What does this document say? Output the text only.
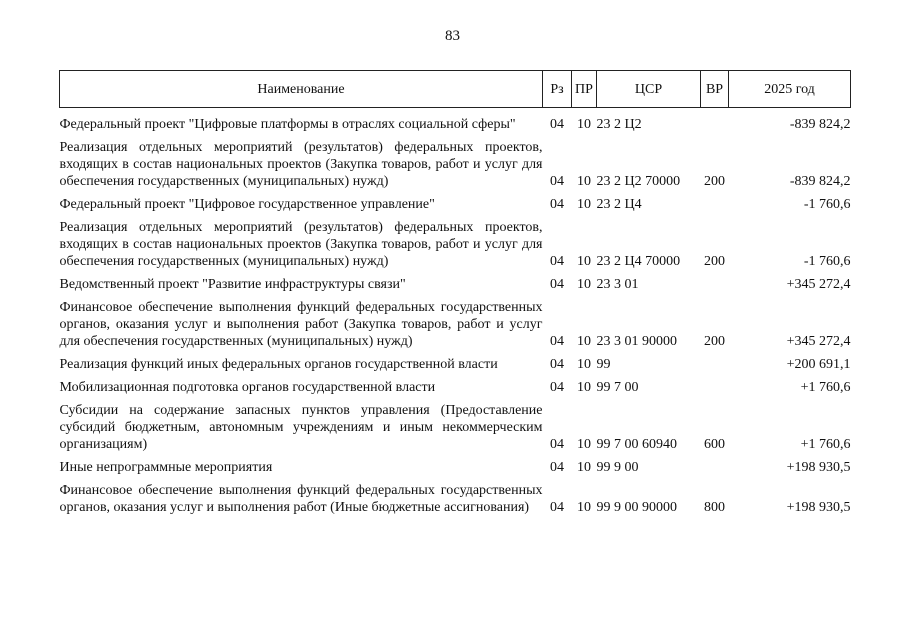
83
Наименование	Рз	ПР	ЦСР	ВР	2025 год

Федеральный проект "Цифровые платформы в отраслях социальной сферы"	04	10	23 2 Ц2		-839 824,2

Реализация отдельных мероприятий (результатов) федеральных проектов, входящих в состав национальных проектов (Закупка товаров, работ и услуг для обеспечения государственных (муниципальных) нужд)	04	10	23 2 Ц2 70000	200	-839 824,2

Федеральный проект "Цифровое государственное управление"	04	10	23 2 Ц4		-1 760,6

Реализация отдельных мероприятий (результатов) федеральных проектов, входящих в состав национальных проектов (Закупка товаров, работ и услуг для обеспечения государственных (муниципальных) нужд)	04	10	23 2 Ц4 70000	200	-1 760,6

Ведомственный проект "Развитие инфраструктуры связи"	04	10	23 3 01		+345 272,4

Финансовое обеспечение выполнения функций федеральных государственных органов, оказания услуг и выполнения работ (Закупка товаров, работ и услуг для обеспечения государственных (муниципальных) нужд)	04	10	23 3 01 90000	200	+345 272,4

Реализация функций иных федеральных органов государственной власти	04	10	99		+200 691,1

Мобилизационная подготовка органов государственной власти	04	10	99 7 00		+1 760,6

Субсидии на содержание запасных пунктов управления (Предоставление субсидий бюджетным, автономным учреждениям и иным некоммерческим организациям)	04	10	99 7 00 60940	600	+1 760,6

Иные непрограммные мероприятия	04	10	99 9 00		+198 930,5

Финансовое обеспечение выполнения функций федеральных государственных органов, оказания услуг и выполнения работ (Иные бюджетные ассигнования)	04	10	99 9 00 90000	800	+198 930,5
